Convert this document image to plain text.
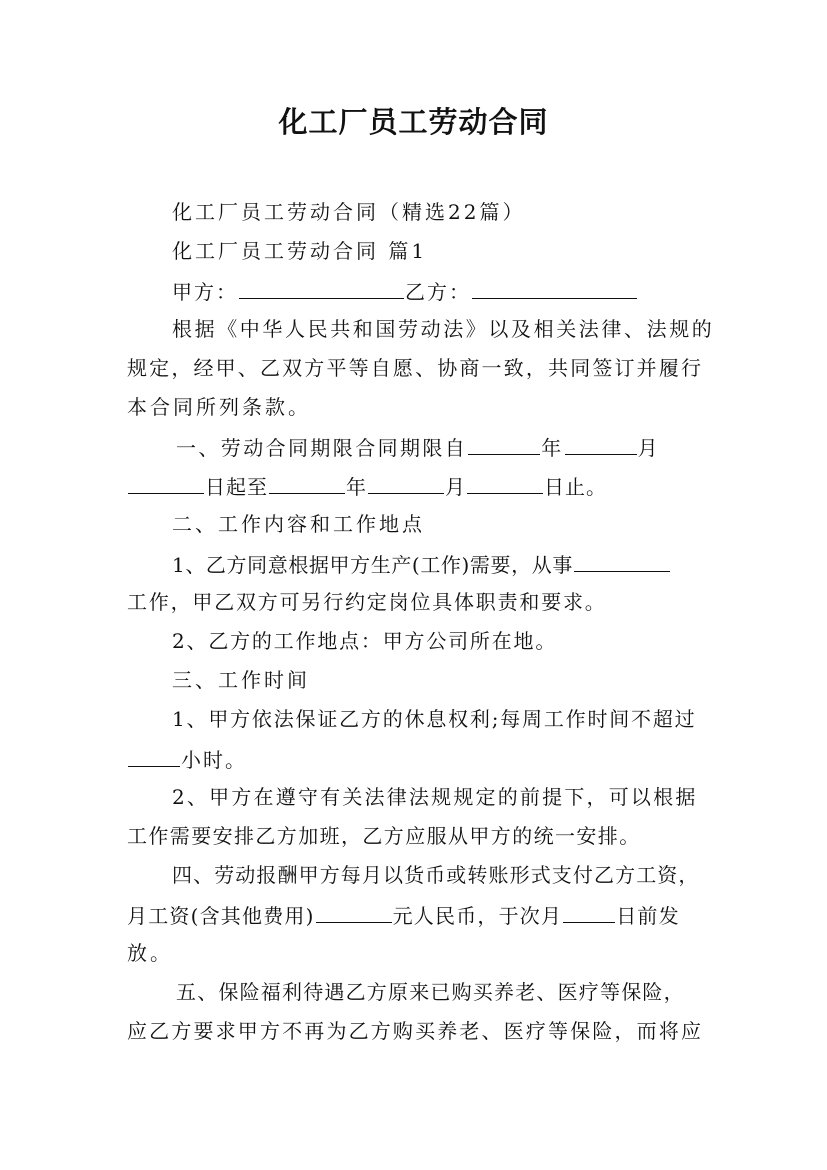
化工厂员工劳动合同
化工厂员工劳动合同（精选22篇）
化工厂员工劳动合同 篇1
甲方：	乙方：
根据《中华人民共和国劳动法》以及相关法律、法规的
规定，经甲、乙双方平等自愿、协商一致，共同签订并履行
本合同所列条款。
一、劳动合同期限合同期限自	年	月
日起至	年	月	日止。
二、工作内容和工作地点
1、乙方同意根据甲方生产(工作)需要，从事
工作，甲乙双方可另行约定岗位具体职责和要求。
2、乙方的工作地点：甲方公司所在地。
三、工作时间
1、甲方依法保证乙方的休息权利;每周工作时间不超过
小时。
2、甲方在遵守有关法律法规规定的前提下，可以根据
工作需要安排乙方加班，乙方应服从甲方的统一安排。
四、劳动报酬甲方每月以货币或转账形式支付乙方工资，
月工资(含其他费用)	元人民币，于次月	日前发
放。
五、保险福利待遇乙方原来已购买养老、医疗等保险，
应乙方要求甲方不再为乙方购买养老、医疗等保险，而将应
